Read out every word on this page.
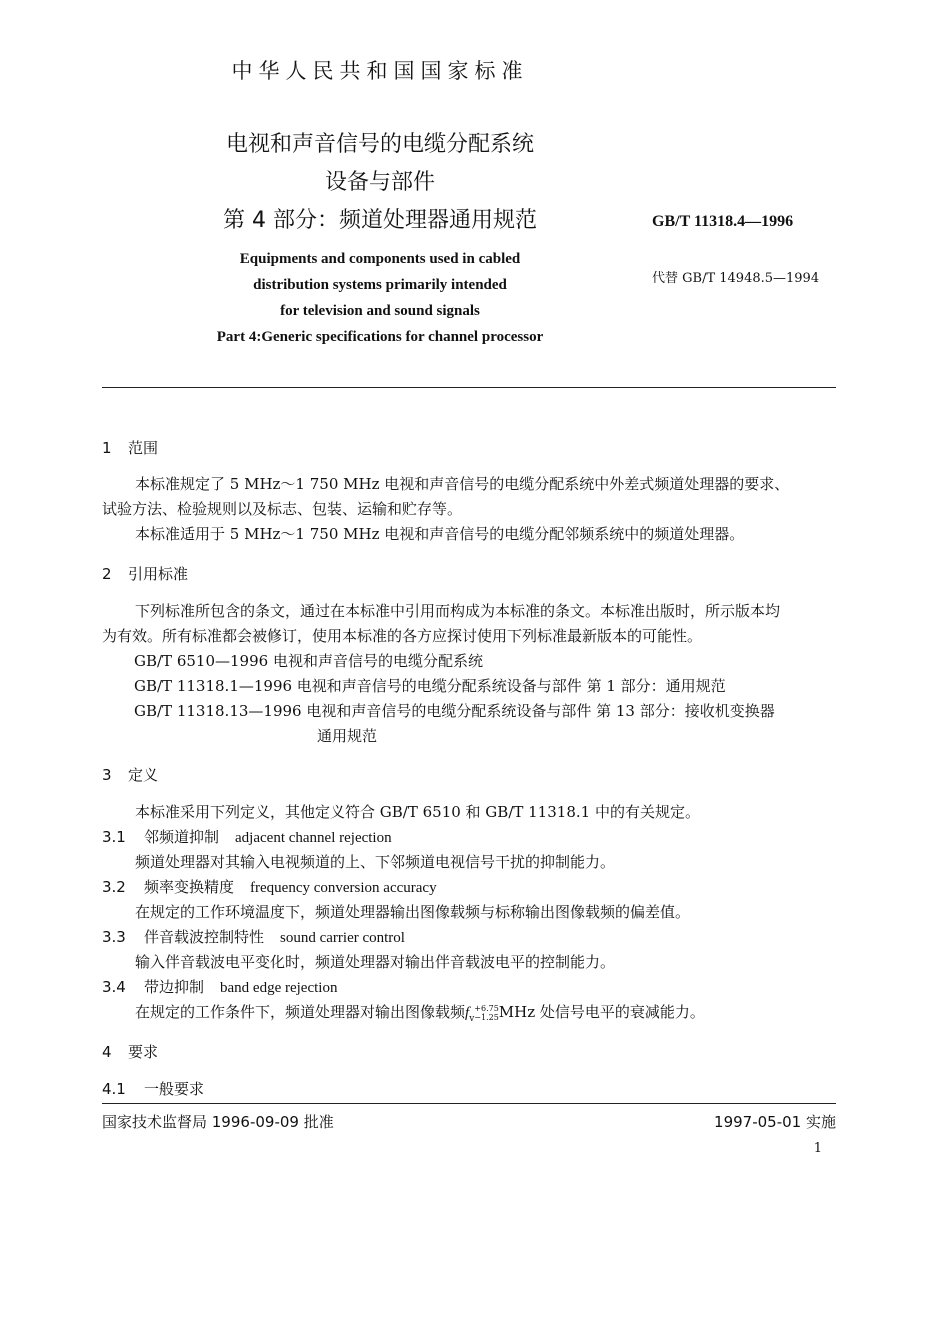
中华人民共和国国家标准
电视和声音信号的电缆分配系统
设备与部件
第 4 部分：频道处理器通用规范	GB/T 11318.4—1996
代替 GB/T 14948.5—1994
Equipments and components used in cabled
distribution systems primarily intended
for television and sound signals
Part 4:Generic specifications for channel processor
1 范围
本标准规定了 5 MHz～1 750 MHz 电视和声音信号的电缆分配系统中外差式频道处理器的要求、
试验方法、检验规则以及标志、包装、运输和贮存等。
本标准适用于 5 MHz～1 750 MHz 电视和声音信号的电缆分配邻频系统中的频道处理器。
2 引用标准
下列标准所包含的条文，通过在本标准中引用而构成为本标准的条文。本标准出版时，所示版本均
为有效。所有标准都会被修订，使用本标准的各方应探讨使用下列标准最新版本的可能性。
GB/T 6510—1996 电视和声音信号的电缆分配系统
GB/T 11318.1—1996 电视和声音信号的电缆分配系统设备与部件 第 1 部分：通用规范
GB/T 11318.13—1996 电视和声音信号的电缆分配系统设备与部件 第 13 部分：接收机变换器
通用规范
3 定义
本标准采用下列定义，其他定义符合 GB/T 6510 和 GB/T 11318.1 中的有关规定。
3.1 邻频道抑制 adjacent channel rejection
频道处理器对其输入电视频道的上、下邻频道电视信号干扰的抑制能力。
3.2 频率变换精度 frequency conversion accuracy
在规定的工作环境温度下，频道处理器输出图像载频与标称输出图像载频的偏差值。
3.3 伴音载波控制特性 sound carrier control
输入伴音载波电平变化时，频道处理器对输出伴音载波电平的控制能力。
3.4 带边抑制 band edge rejection
在规定的工作条件下，频道处理器对输出图像载频$f_v$
+6.75
−1.25 MHz 处信号电平的衰减能力。
4 要求
4.1 一般要求
国家技术监督局 1996-09-09 批准	1997-05-01 实施
1
